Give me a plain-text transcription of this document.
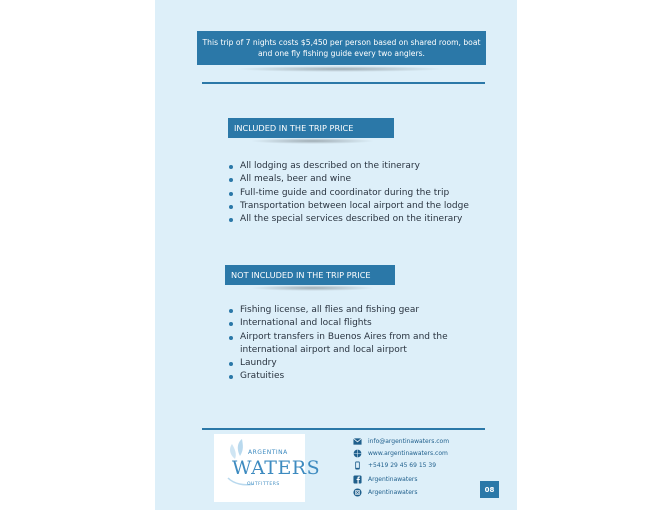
This trip of 7 nights costs $5,450 per person based on shared room, boat and one fly fishing guide every two anglers.
INCLUDED IN THE TRIP PRICE
All lodging as described on the itinerary
All meals, beer and wine
Full-time guide and coordinator during the trip
Transportation between local airport and the lodge
All the special services described on the itinerary
NOT INCLUDED IN THE TRIP PRICE
Fishing license, all flies and fishing gear
International and local flights
Airport transfers in Buenos Aires from and the international airport and local airport
Laundry
Gratuities
ARGENTINA
WATERS
OUTFITTERS
info@argentinawaters.com
www.argentinawaters.com
+5419 29 45 69 15 39
Argentinawaters
Argentinawaters	08
